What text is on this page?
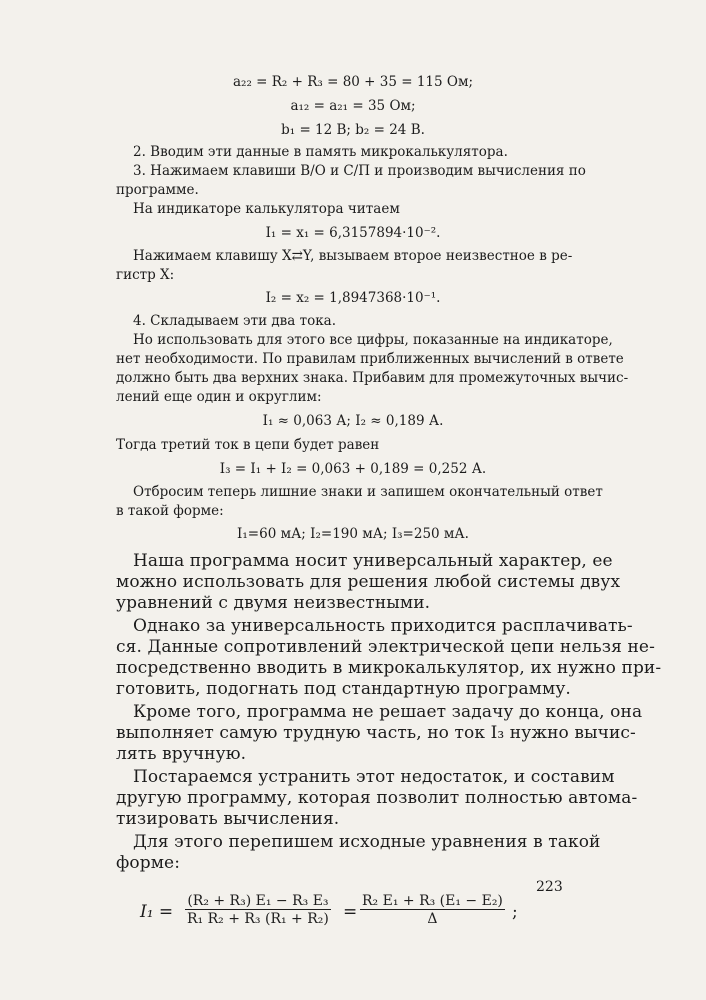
a₂₂ = R₂ + R₃ = 80 + 35 = 115 Ом;
a₁₂ = a₂₁ = 35 Ом;
b₁ = 12 В; b₂ = 24 В.
2. Вводим эти данные в память микрокалькулятора.
3. Нажимаем клавиши В/О и С/П и производим вычисления по
программе.
На индикаторе калькулятора читаем
I₁ = x₁ = 6,3157894·10⁻².
Нажимаем клавишу X⇄Y, вызываем второе неизвестное в ре-
гистр X:
I₂ = x₂ = 1,8947368·10⁻¹.
4. Складываем эти два тока.
Но использовать для этого все цифры, показанные на индикаторе,
нет необходимости. По правилам приближенных вычислений в ответе
должно быть два верхних знака. Прибавим для промежуточных вычис-
лений еще один и округлим:
I₁ ≈ 0,063 А; I₂ ≈ 0,189 А.
Тогда третий ток в цепи будет равен
I₃ = I₁ + I₂ = 0,063 + 0,189 = 0,252 А.
Отбросим теперь лишние знаки и запишем окончательный ответ
в такой форме:
I₁=60 мА; I₂=190 мА; I₃=250 мА.
Наша программа носит универсальный характер, ее
можно использовать для решения любой системы двух
уравнений с двумя неизвестными.
Однако за универсальность приходится расплачивать-
ся. Данные сопротивлений электрической цепи нельзя не-
посредственно вводить в микрокалькулятор, их нужно при-
готовить, подогнать под стандартную программу.
Кроме того, программа не решает задачу до конца, она
выполняет самую трудную часть, но ток I₃ нужно вычис-
лять вручную.
Постараемся устранить этот недостаток, и составим
другую программу, которая позволит полностью автома-
тизировать вычисления.
Для этого перепишем исходные уравнения в такой
форме:
$I_1 = \frac{\text{(R₂ + R₃) E₁ − R₃ E₃}}{\text{R₁ R₂ + R₃ (R₁ + R₂)}} = \frac{\text{R₂ E₁ + R₃ (E₁ − E₂)}}{\Delta}$ ;
223
